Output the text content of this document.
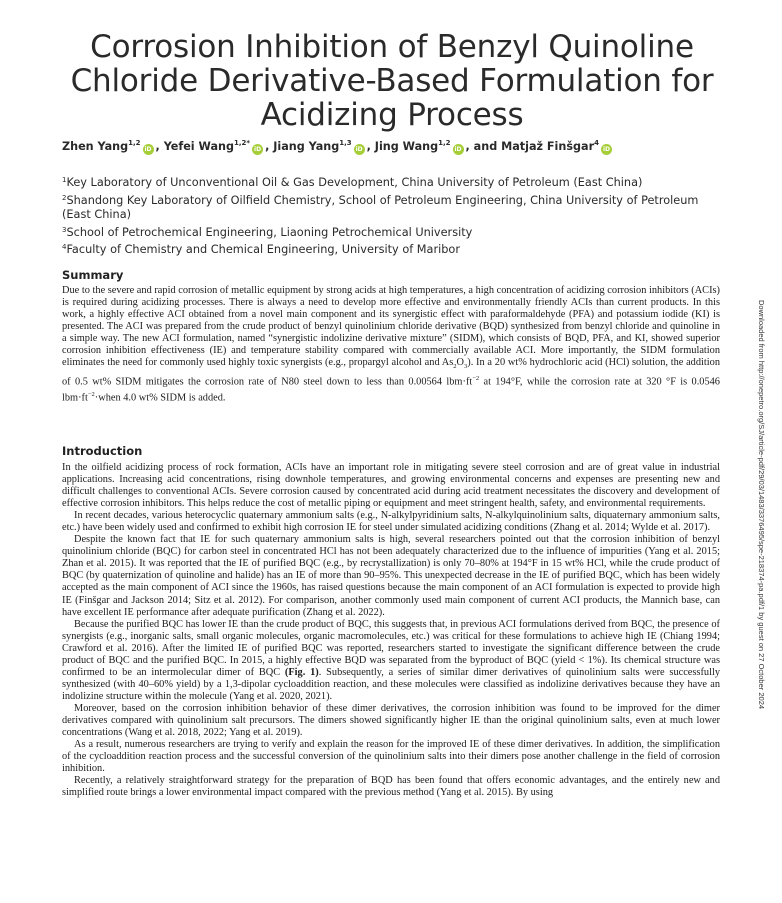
Corrosion Inhibition of Benzyl Quinoline
Chloride Derivative-Based Formulation for
Acidizing Process
Zhen Yang$^{1,2}$iD , Yefei Wang$^{1,2*}$iD , Jiang Yang$^{1,3}$iD , Jing Wang$^{1,2}$iD , and Matjaž Finšgar$^4$iD
$^1$Key Laboratory of Unconventional Oil & Gas Development, China University of Petroleum (East China)
$^2$Shandong Key Laboratory of Oilfield Chemistry, School of Petroleum Engineering, China University of Petroleum (East China)
$^3$School of Petrochemical Engineering, Liaoning Petrochemical University
$^4$Faculty of Chemistry and Chemical Engineering, University of Maribor
Summary

Due to the severe and rapid corrosion of metallic equipment by strong acids at high temperatures, a high concentration of acidizing corrosion inhibitors (ACIs) is required during acidizing processes. There is always a need to develop more effective and environmentally friendly ACIs than current products. In this work, a highly effective ACI obtained from a novel main component and its synergistic effect with paraformaldehyde (PFA) and potassium iodide (KI) is presented. The ACI was prepared from the crude product of benzyl quinolinium chloride derivative (BQD) synthesized from benzyl chloride and quinoline in a simple way. The new ACI formulation, named “synergistic indolizine derivative mixture” (SIDM), which consists of BQD, PFA, and KI, showed superior corrosion inhibition effectiveness (IE) and temperature stability compared with commercially available ACI. More importantly, the SIDM formulation eliminates the need for commonly used highly toxic synergists (e.g., propargyl alcohol and $As_2O_3$). In a 20 wt% hydrochloric acid (HCl) solution, the addition of 0.5 wt% SIDM mitigates the corrosion rate of N80 steel down to less than 0.00564 $lbm\cdot ft^{-2}$ at 194°F, while the corrosion rate at 320 °F is 0.0546 $lbm\cdot ft^{-2}\cdot when$ 4.0 wt% SIDM is added.

Introduction

In the oilfield acidizing process of rock formation, ACIs have an important role in mitigating severe steel corrosion and are of great value in industrial applications. Increasing acid concentrations, rising downhole temperatures, and growing environmental concerns and expenses are presenting new and difficult challenges to conventional ACIs. Severe corrosion caused by concentrated acid during acid treatment necessitates the discovery and development of effective corrosion inhibitors. This helps reduce the cost of metallic piping or equipment and meet stringent health, safety, and environmental requirements.

In recent decades, various heterocyclic quaternary ammonium salts (e.g., N-alkylpyridinium salts, N-alkylquinolinium salts, diquaternary ammonium salts, etc.) have been widely used and confirmed to exhibit high corrosion IE for steel under simulated acidizing conditions (Zhang et al. 2014; Wylde et al. 2017).

Despite the known fact that IE for such quaternary ammonium salts is high, several researchers pointed out that the corrosion inhibition of benzyl quinolinium chloride (BQC) for carbon steel in concentrated HCl has not been adequately characterized due to the influence of impurities (Yang et al. 2015; Zhan et al. 2015). It was reported that the IE of purified BQC (e.g., by recrystallization) is only 70–80% at 194°F in 15 wt% HCl, while the crude product of BQC (by quaternization of quinoline and halide) has an IE of more than 90–95%. This unexpected decrease in the IE of purified BQC, which has been widely accepted as the main component of ACI since the 1960s, has raised questions because the main component of an ACI formulation is expected to provide high IE (Finšgar and Jackson 2014; Sitz et al. 2012). For comparison, another commonly used main component of current ACI products, the Mannich base, can have excellent IE performance after adequate purification (Zhang et al. 2022).

Because the purified BQC has lower IE than the crude product of BQC, this suggests that, in previous ACI formulations derived from BQC, the presence of synergists (e.g., inorganic salts, small organic molecules, organic macromolecules, etc.) was critical for these formulations to achieve high IE (Chiang 1994; Crawford et al. 2016). After the limited IE of purified BQC was reported, researchers started to investigate the significant difference between the crude product of BQC and the purified BQC. In 2015, a highly effective BQD was separated from the byproduct of BQC (yield < 1%). Its chemical structure was confirmed to be an intermolecular dimer of BQC (Fig. 1). Subsequently, a series of similar dimer derivatives of quinolinium salts were successfully synthesized (with 40–60% yield) by a 1,3-dipolar cycloaddition reaction, and these molecules were classified as indolizine derivatives because they have an indolizine structure within the molecule (Yang et al. 2020, 2021).

Moreover, based on the corrosion inhibition behavior of these dimer derivatives, the corrosion inhibition was found to be improved for the dimer derivatives compared with quinolinium salt precursors. The dimers showed significantly higher IE than the original quinolinium salts, even at much lower concentrations (Wang et al. 2018, 2022; Yang et al. 2019).

As a result, numerous researchers are trying to verify and explain the reason for the improved IE of these dimer derivatives. In addition, the simplification of the cycloaddition reaction process and the successful conversion of the quinolinium salts into their dimers pose another challenge in the field of corrosion inhibition.

Recently, a relatively straightforward strategy for the preparation of BQD has been found that offers economic advantages, and the entirely new and simplified route brings a lower environmental impact compared with the previous method (Yang et al. 2015). By using

Downloaded from http://onepetro.org/SJ/article-pdf/29/03/1483/3376495/spe-218374-pa.pdf/1 by guest on 27 October 2024
